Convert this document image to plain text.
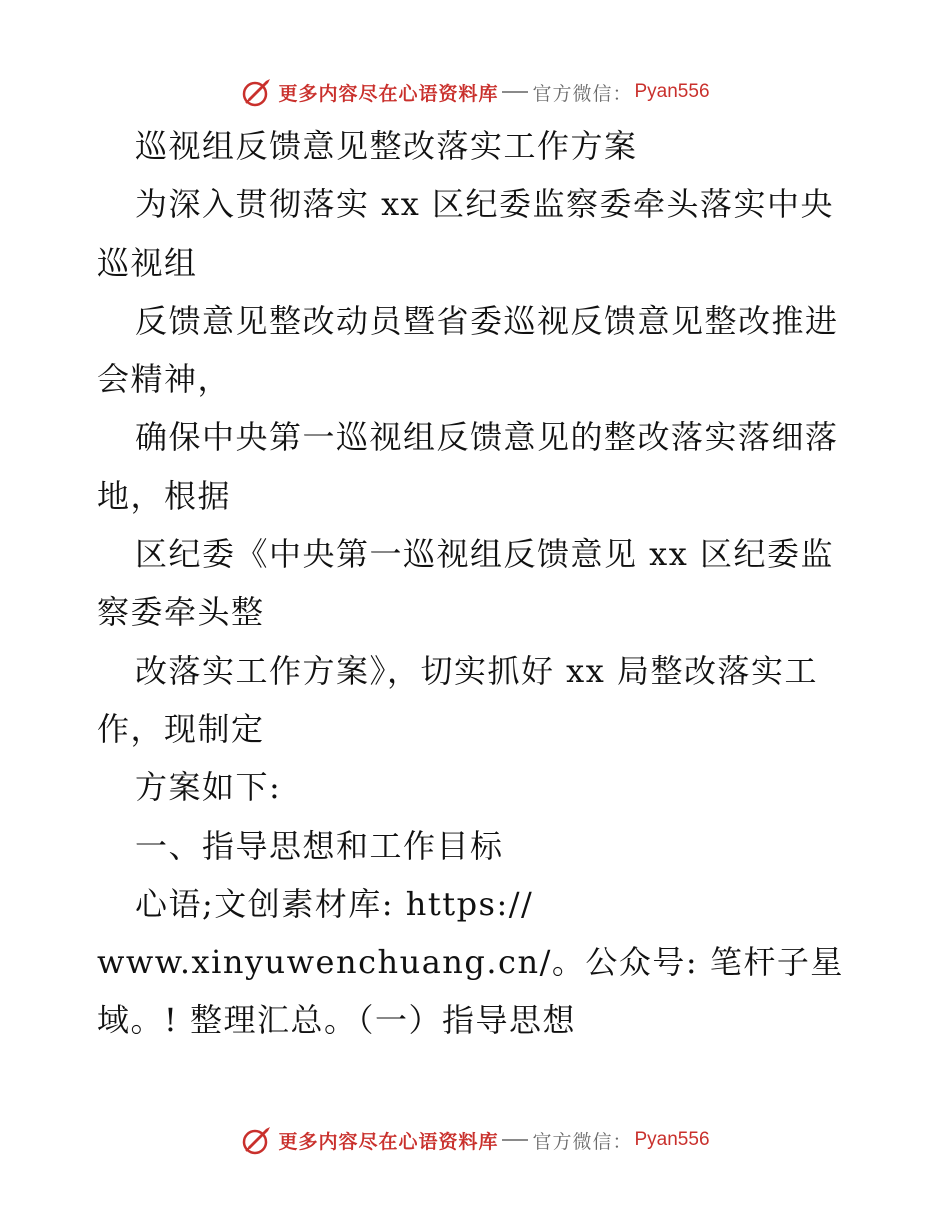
更多内容尽在心语资料库 官方微信： Pyan556
巡视组反馈意见整改落实工作方案
为深入贯彻落实 xx 区纪委监察委牵头落实中央
巡视组
反馈意见整改动员暨省委巡视反馈意见整改推进
会精神，
确保中央第一巡视组反馈意见的整改落实落细落
地，根据
区纪委《中央第一巡视组反馈意见 xx 区纪委监
察委牵头整
改落实工作方案》，切实抓好 xx 局整改落实工
作，现制定
方案如下:
一、指导思想和工作目标
心语;文创素材库: https://
www.xinyuwenchuang.cn/。公众号: 笔杆子星
域。! 整理汇总。（一）指导思想
更多内容尽在心语资料库 官方微信： Pyan556
